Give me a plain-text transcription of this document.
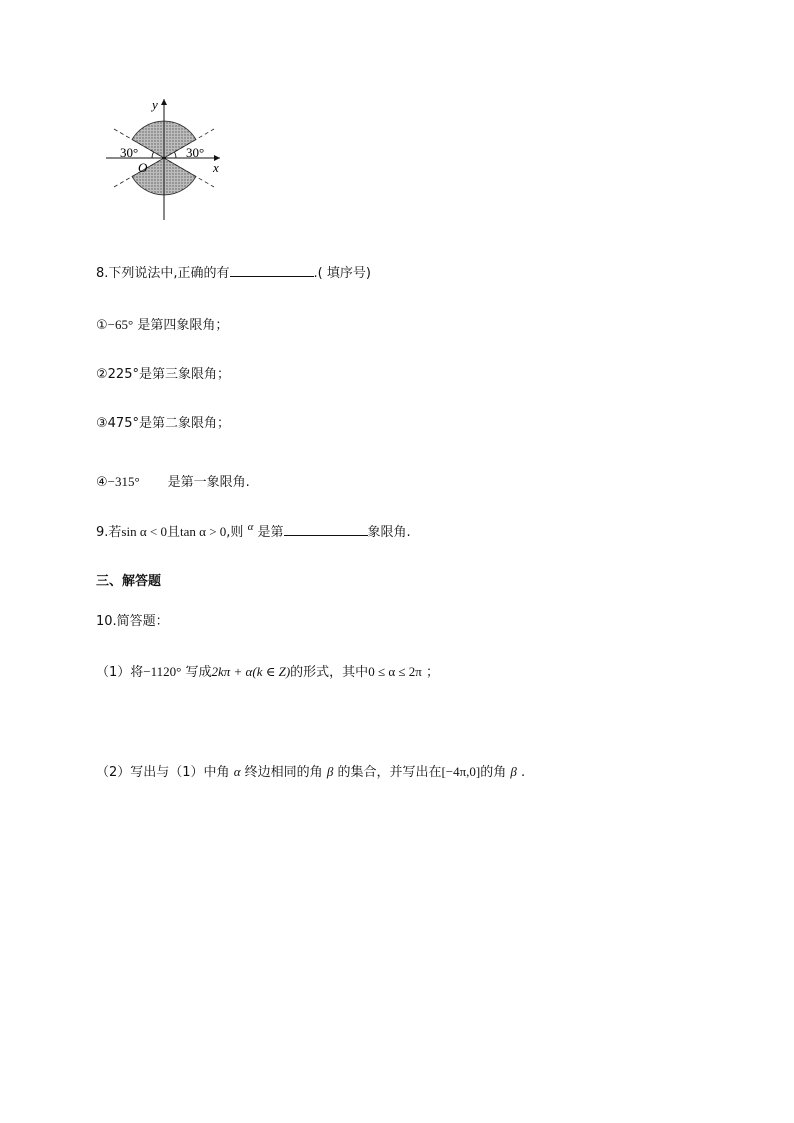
y
x
O
30°	30°
8.下列说法中,正确的有	.( 填序号)
①−65° 是第四象限角；
②225°是第三象限角；
③475°是第二象限角；
④−315° 是第一象限角.
9.若sin α < 0且tan α > 0,则 $^\alpha$ 是第	象限角.
三、解答题
10.简答题：
（1）将−1120° 写成2kπ + α(k ∈ Z)的形式，其中0 ≤ α ≤ 2π ；
（2）写出与（1）中角 α 终边相同的角 β 的集合，并写出在[−4π,0]的角 β .
